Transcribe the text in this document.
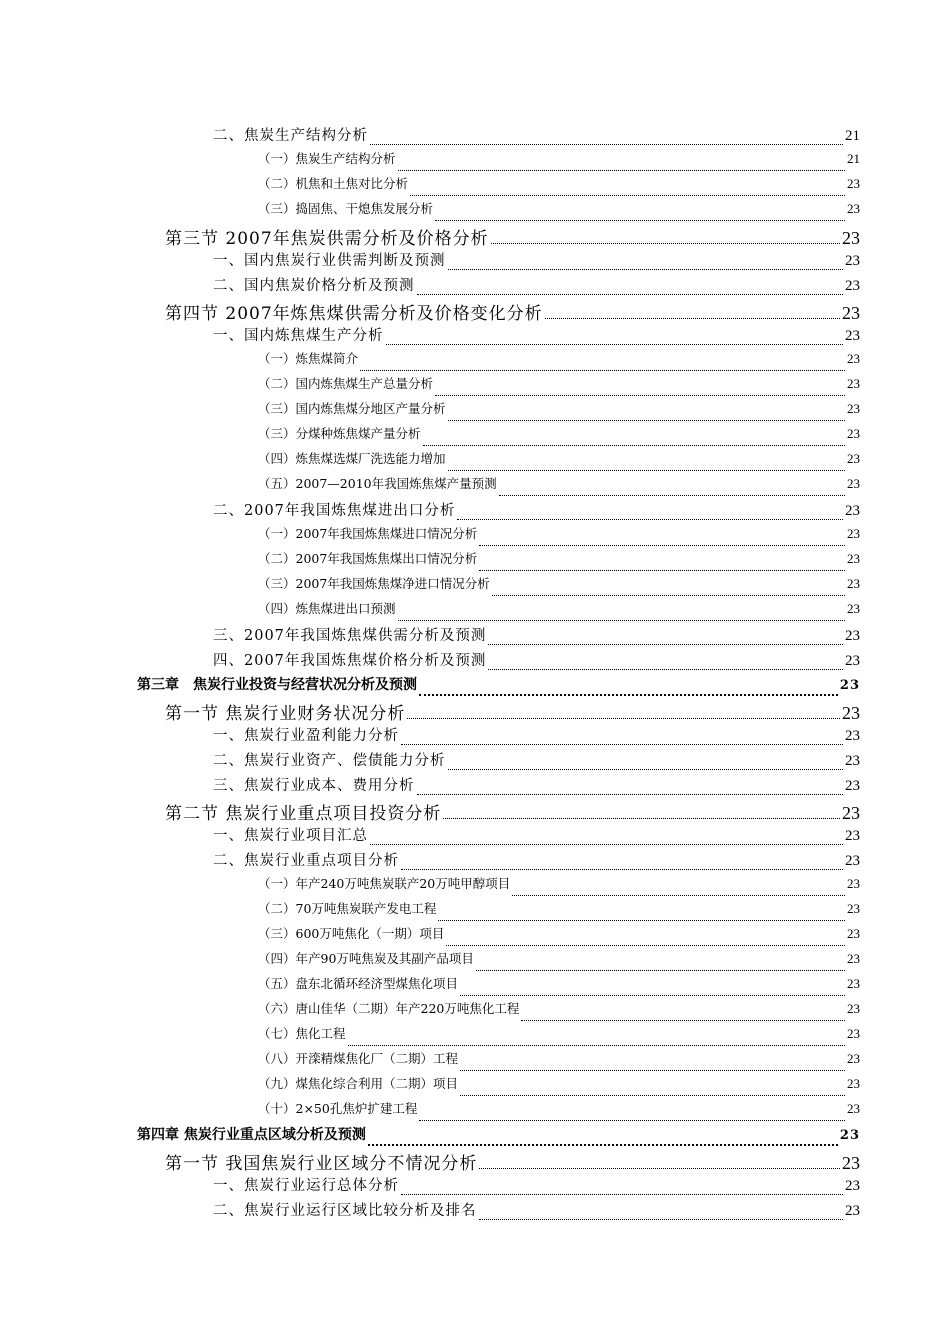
二、焦炭生产结构分析	21
（一）焦炭生产结构分析	21
（二）机焦和土焦对比分析	23
（三）捣固焦、干熄焦发展分析	23
第三节 2007年焦炭供需分析及价格分析	23
一、国内焦炭行业供需判断及预测	23
二、国内焦炭价格分析及预测	23
第四节 2007年炼焦煤供需分析及价格变化分析	23
一、国内炼焦煤生产分析	23
（一）炼焦煤简介	23
（二）国内炼焦煤生产总量分析	23
（三）国内炼焦煤分地区产量分析	23
（三）分煤种炼焦煤产量分析	23
（四）炼焦煤选煤厂洗选能力增加	23
（五）2007—2010年我国炼焦煤产量预测	23
二、2007年我国炼焦煤进出口分析	23
（一）2007年我国炼焦煤进口情况分析	23
（二）2007年我国炼焦煤出口情况分析	23
（三）2007年我国炼焦煤净进口情况分析	23
（四）炼焦煤进出口预测	23
三、2007年我国炼焦煤供需分析及预测	23
四、2007年我国炼焦煤价格分析及预测	23
第三章　焦炭行业投资与经营状况分析及预测	23
第一节 焦炭行业财务状况分析	23
一、焦炭行业盈利能力分析	23
二、焦炭行业资产、偿债能力分析	23
三、焦炭行业成本、费用分析	23
第二节 焦炭行业重点项目投资分析	23
一、焦炭行业项目汇总	23
二、焦炭行业重点项目分析	23
（一）年产240万吨焦炭联产20万吨甲醇项目	23
（二）70万吨焦炭联产发电工程	23
（三）600万吨焦化（一期）项目	23
（四）年产90万吨焦炭及其副产品项目	23
（五）盘东北循环经济型煤焦化项目	23
（六）唐山佳华（二期）年产220万吨焦化工程	23
（七）焦化工程	23
（八）开滦精煤焦化厂（二期）工程	23
（九）煤焦化综合利用（二期）项目	23
（十）2×50孔焦炉扩建工程	23
第四章 焦炭行业重点区域分析及预测	23
第一节 我国焦炭行业区域分不情况分析	23
一、焦炭行业运行总体分析	23
二、焦炭行业运行区域比较分析及排名	23
